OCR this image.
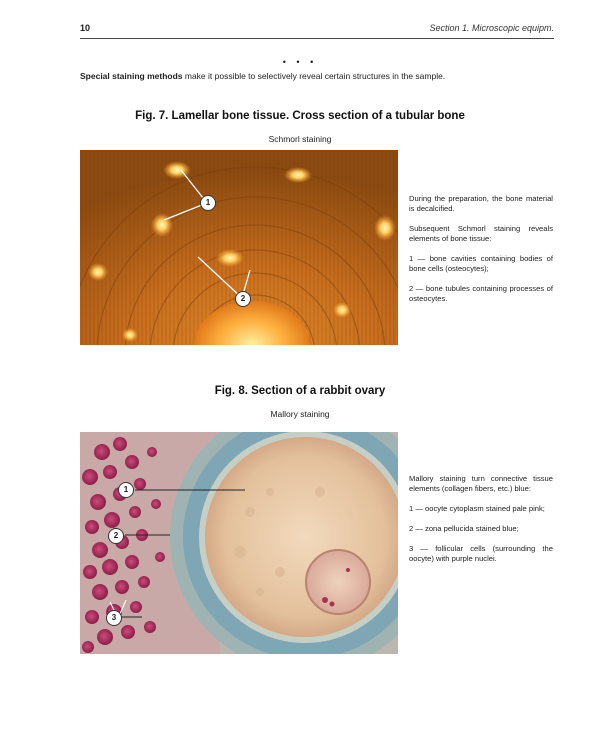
10	Section 1. Microscopic equipm.
• • •
Special staining methods make it possible to selectively reveal certain structures in the sample.
Fig. 7. Lamellar bone tissue. Cross section of a tubular bone
Schmorl staining
1
2

During the preparation, the bone material is decalcified.

Subsequent Schmorl staining reveals elements of bone tissue:

1 — bone cavities containing bodies of bone cells (osteocytes);

2 — bone tubules containing processes of osteocytes.

Fig. 8. Section of a rabbit ovary
Mallory staining
1
2
3

Mallory staining turn connective tissue elements (collagen fibers, etc.) blue:

1 — oocyte cytoplasm stained pale pink;

2 — zona pellucida stained blue;

3 — follicular cells (surrounding the oocyte) with purple nuclei.
